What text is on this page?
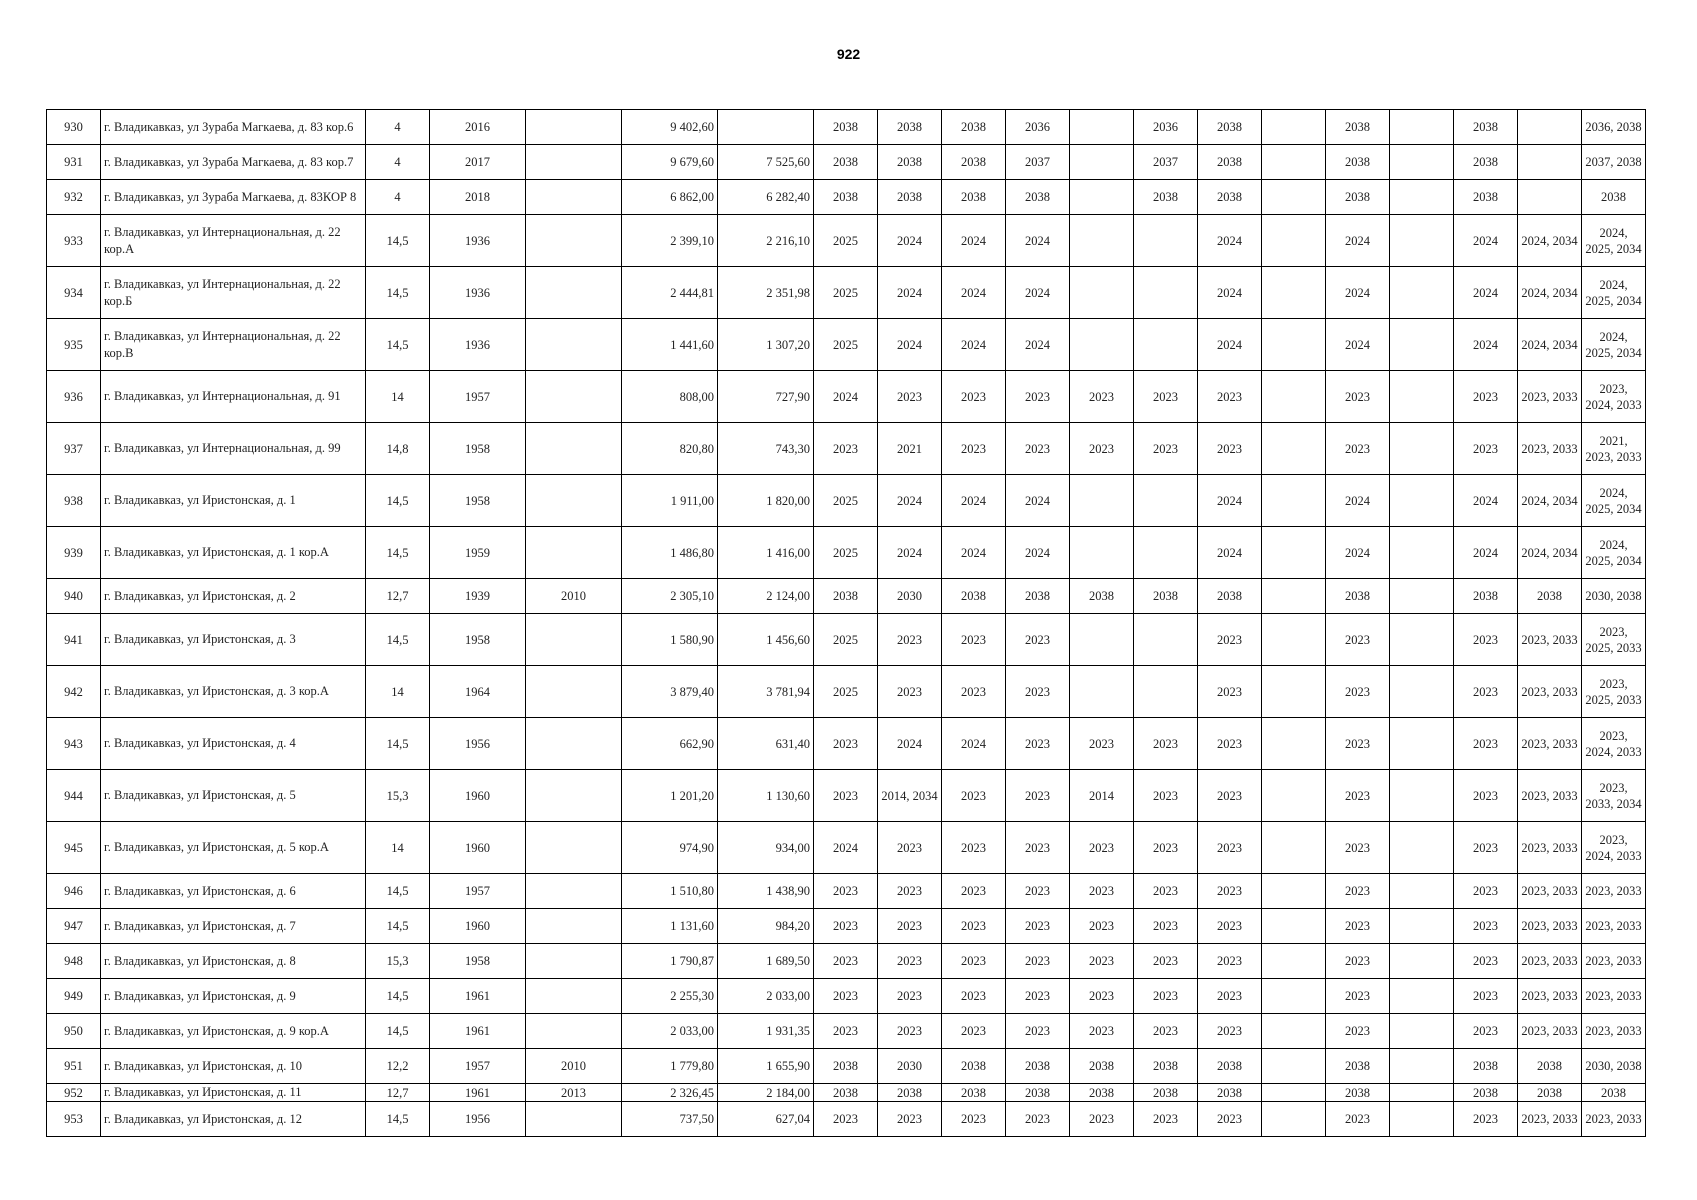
922
930	г. Владикавказ, ул Зураба Магкаева, д. 83 кор.6	4	2016		9 402,60		2038	2038	2038	2036		2036	2038		2038		2038		2036, 2038
931	г. Владикавказ, ул Зураба Магкаева, д. 83 кор.7	4	2017		9 679,60	7 525,60	2038	2038	2038	2037		2037	2038		2038		2038		2037, 2038
932	г. Владикавказ, ул Зураба Магкаева, д. 83КОР 8	4	2018		6 862,00	6 282,40	2038	2038	2038	2038		2038	2038		2038		2038		2038
933	г. Владикавказ, ул Интернациональная, д. 22 кор.А	14,5	1936		2 399,10	2 216,10	2025	2024	2024	2024			2024		2024		2024	2024, 2034	2024, 2025, 2034
934	г. Владикавказ, ул Интернациональная, д. 22 кор.Б	14,5	1936		2 444,81	2 351,98	2025	2024	2024	2024			2024		2024		2024	2024, 2034	2024, 2025, 2034
935	г. Владикавказ, ул Интернациональная, д. 22 кор.В	14,5	1936		1 441,60	1 307,20	2025	2024	2024	2024			2024		2024		2024	2024, 2034	2024, 2025, 2034
936	г. Владикавказ, ул Интернациональная, д. 91	14	1957		808,00	727,90	2024	2023	2023	2023	2023	2023	2023		2023		2023	2023, 2033	2023, 2024, 2033
937	г. Владикавказ, ул Интернациональная, д. 99	14,8	1958		820,80	743,30	2023	2021	2023	2023	2023	2023	2023		2023		2023	2023, 2033	2021, 2023, 2033
938	г. Владикавказ, ул Иристонская, д. 1	14,5	1958		1 911,00	1 820,00	2025	2024	2024	2024			2024		2024		2024	2024, 2034	2024, 2025, 2034
939	г. Владикавказ, ул Иристонская, д. 1 кор.А	14,5	1959		1 486,80	1 416,00	2025	2024	2024	2024			2024		2024		2024	2024, 2034	2024, 2025, 2034
940	г. Владикавказ, ул Иристонская, д. 2	12,7	1939	2010	2 305,10	2 124,00	2038	2030	2038	2038	2038	2038	2038		2038		2038	2038	2030, 2038
941	г. Владикавказ, ул Иристонская, д. 3	14,5	1958		1 580,90	1 456,60	2025	2023	2023	2023			2023		2023		2023	2023, 2033	2023, 2025, 2033
942	г. Владикавказ, ул Иристонская, д. 3 кор.А	14	1964		3 879,40	3 781,94	2025	2023	2023	2023			2023		2023		2023	2023, 2033	2023, 2025, 2033
943	г. Владикавказ, ул Иристонская, д. 4	14,5	1956		662,90	631,40	2023	2024	2024	2023	2023	2023	2023		2023		2023	2023, 2033	2023, 2024, 2033
944	г. Владикавказ, ул Иристонская, д. 5	15,3	1960		1 201,20	1 130,60	2023	2014, 2034	2023	2023	2014	2023	2023		2023		2023	2023, 2033	2023, 2033, 2034
945	г. Владикавказ, ул Иристонская, д. 5 кор.А	14	1960		974,90	934,00	2024	2023	2023	2023	2023	2023	2023		2023		2023	2023, 2033	2023, 2024, 2033
946	г. Владикавказ, ул Иристонская, д. 6	14,5	1957		1 510,80	1 438,90	2023	2023	2023	2023	2023	2023	2023		2023		2023	2023, 2033	2023, 2033
947	г. Владикавказ, ул Иристонская, д. 7	14,5	1960		1 131,60	984,20	2023	2023	2023	2023	2023	2023	2023		2023		2023	2023, 2033	2023, 2033
948	г. Владикавказ, ул Иристонская, д. 8	15,3	1958		1 790,87	1 689,50	2023	2023	2023	2023	2023	2023	2023		2023		2023	2023, 2033	2023, 2033
949	г. Владикавказ, ул Иристонская, д. 9	14,5	1961		2 255,30	2 033,00	2023	2023	2023	2023	2023	2023	2023		2023		2023	2023, 2033	2023, 2033
950	г. Владикавказ, ул Иристонская, д. 9 кор.А	14,5	1961		2 033,00	1 931,35	2023	2023	2023	2023	2023	2023	2023		2023		2023	2023, 2033	2023, 2033
951	г. Владикавказ, ул Иристонская, д. 10	12,2	1957	2010	1 779,80	1 655,90	2038	2030	2038	2038	2038	2038	2038		2038		2038	2038	2030, 2038
952	г. Владикавказ, ул Иристонская, д. 11	12,7	1961	2013	2 326,45	2 184,00	2038	2038	2038	2038	2038	2038	2038		2038		2038	2038	2038
953	г. Владикавказ, ул Иристонская, д. 12	14,5	1956		737,50	627,04	2023	2023	2023	2023	2023	2023	2023		2023		2023	2023, 2033	2023, 2033
